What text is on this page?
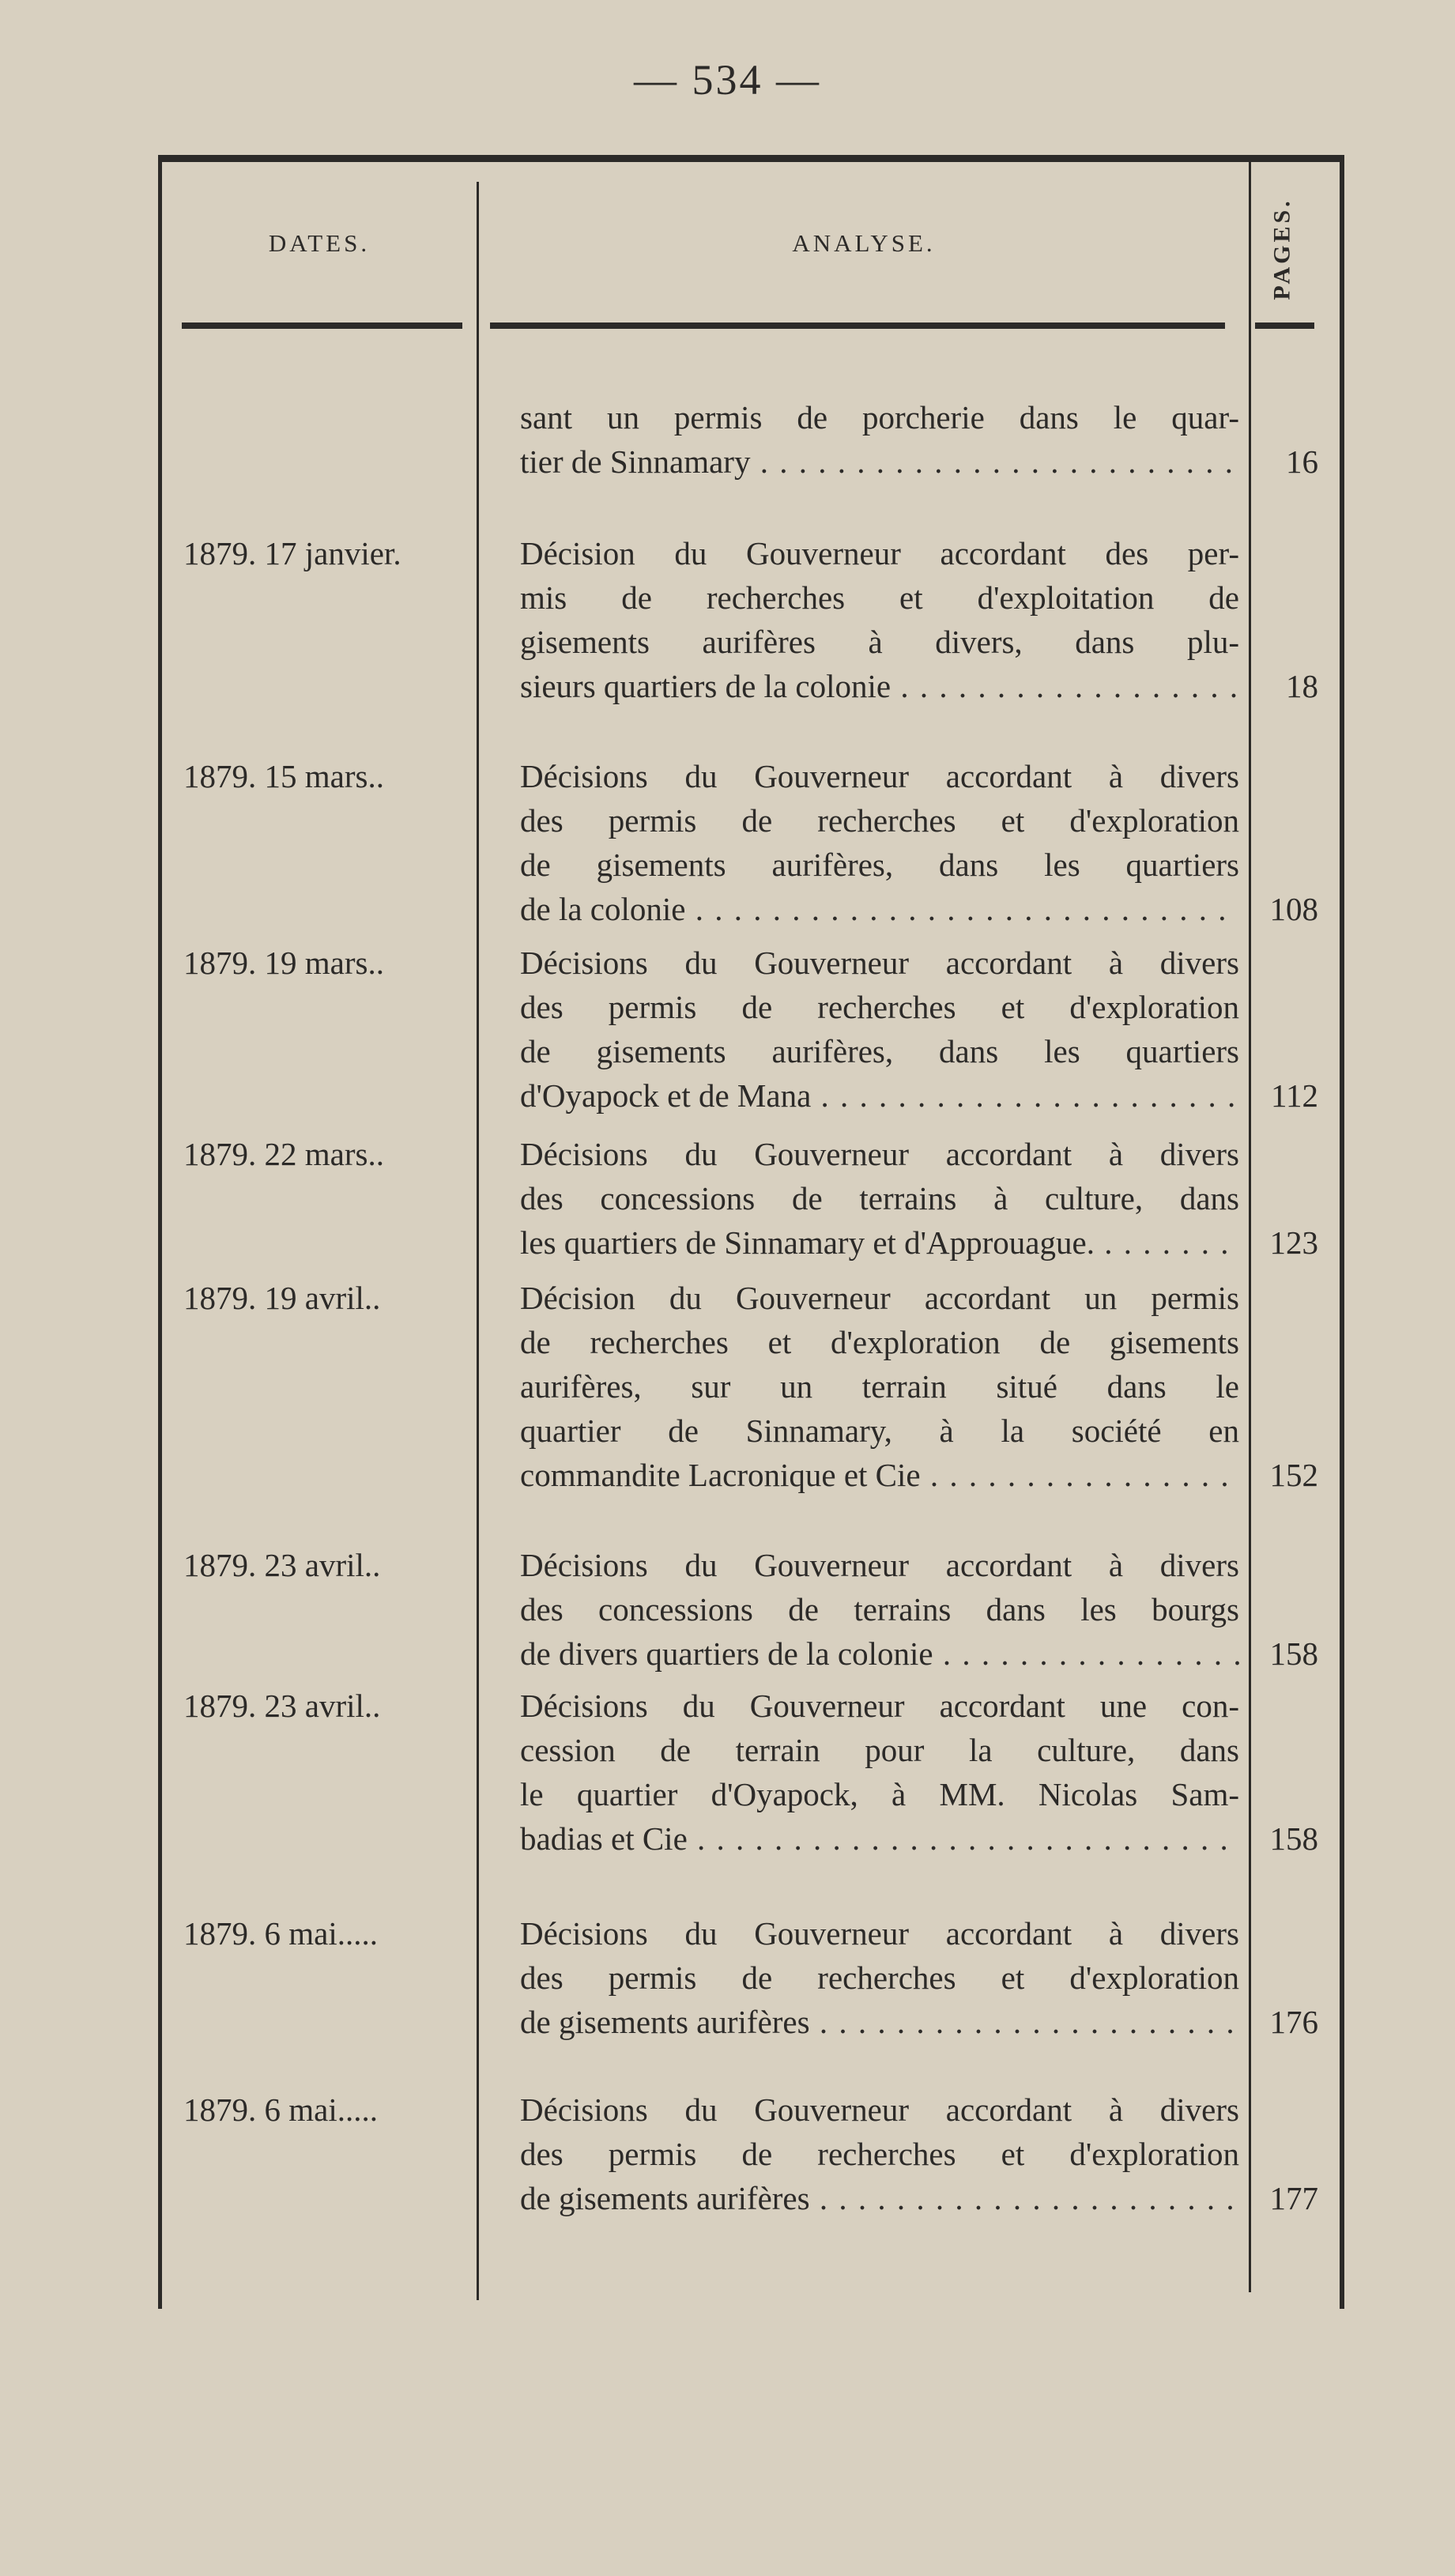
— 534 —
DATES.	ANALYSE.	PAGES.
sant un permis de porcherie dans le quar-
tier de Sinnamary . . .	16
1879. 17 janvier.	Décision du Gouverneur accordant des per-
mis de recherches et d'exploitation de
gisements aurifères à divers, dans plu-
sieurs quartiers de la colonie . . .	18
1879. 15 mars..	Décisions du Gouverneur accordant à divers
des permis de recherches et d'exploration
de gisements aurifères, dans les quartiers
de la colonie . . .	108
1879. 19 mars..	Décisions du Gouverneur accordant à divers
des permis de recherches et d'exploration
de gisements aurifères, dans les quartiers
d'Oyapock et de Mana . . .	112
1879. 22 mars..	Décisions du Gouverneur accordant à divers
des concessions de terrains à culture, dans
les quartiers de Sinnamary et d'Approuague. . . .	123
1879. 19 avril..	Décision du Gouverneur accordant un permis
de recherches et d'exploration de gisements
aurifères, sur un terrain situé dans le
quartier de Sinnamary, à la société en
commandite Lacronique et Cie . . .	152
1879. 23 avril..	Décisions du Gouverneur accordant à divers
des concessions de terrains dans les bourgs
de divers quartiers de la colonie . . .	158
1879. 23 avril..	Décisions du Gouverneur accordant une con-
cession de terrain pour la culture, dans
le quartier d'Oyapock, à MM. Nicolas Sam-
badias et Cie . . .	158
1879. 6 mai.....	Décisions du Gouverneur accordant à divers
des permis de recherches et d'exploration
de gisements aurifères . . .	176
1879. 6 mai.....	Décisions du Gouverneur accordant à divers
des permis de recherches et d'exploration
de gisements aurifères . . .	177
